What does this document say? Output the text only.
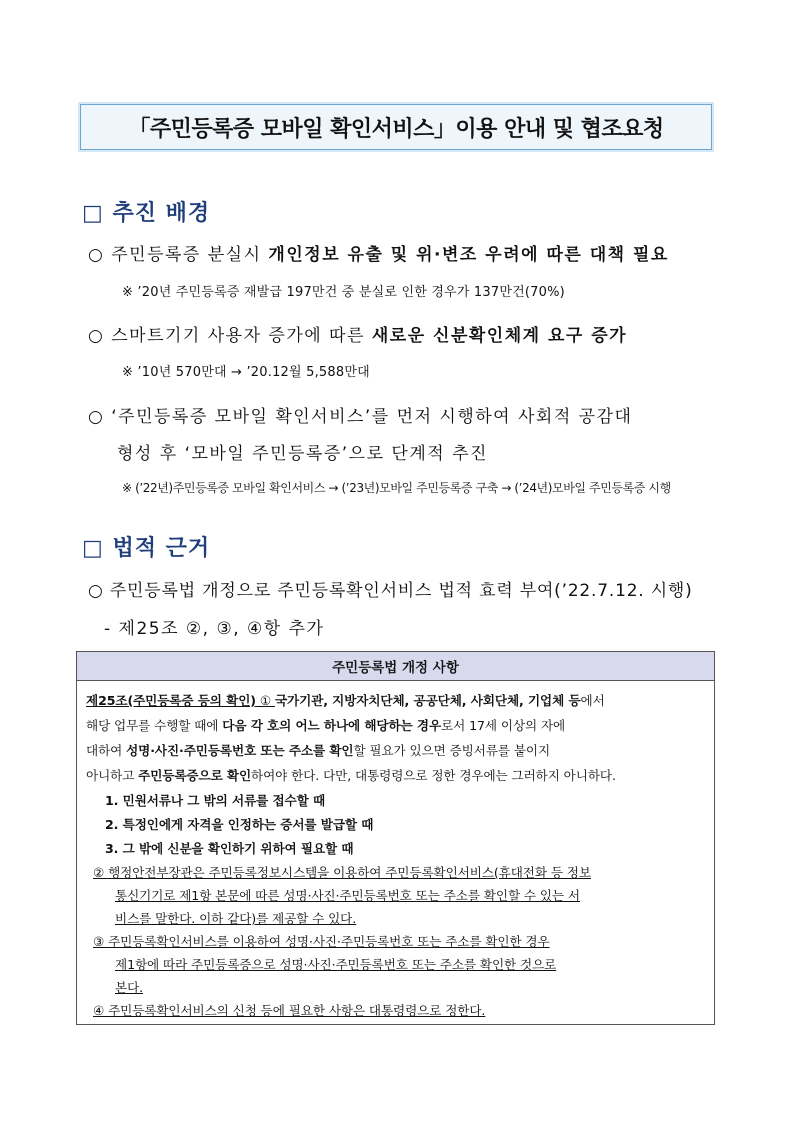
「주민등록증 모바일 확인서비스」이용 안내 및 협조요청
□ 추진 배경
○ 주민등록증 분실시 개인정보 유출 및 위·변조 우려에 따른 대책 필요
※ ’20년 주민등록증 재발급 197만건 중 분실로 인한 경우가 137만건(70%)
○ 스마트기기 사용자 증가에 따른 새로운 신분확인체계 요구 증가
※ ’10년 570만대 → ’20.12월 5,588만대
○ ‘주민등록증 모바일 확인서비스’를 먼저 시행하여 사회적 공감대
형성 후 ‘모바일 주민등록증’으로 단계적 추진
※ (’22년)주민등록증 모바일 확인서비스 → (’23년)모바일 주민등록증 구축 → (’24년)모바일 주민등록증 시행
□ 법적 근거
○ 주민등록법 개정으로 주민등록확인서비스 법적 효력 부여(’22.7.12. 시행)
- 제25조 ②, ③, ④항 추가
주민등록법 개정 사항
제25조(주민등록증 등의 확인) ① 국가기관, 지방자치단체, 공공단체, 사회단체, 기업체 등에서
해당 업무를 수행할 때에 다음 각 호의 어느 하나에 해당하는 경우로서 17세 이상의 자에
대하여 성명·사진·주민등록번호 또는 주소를 확인할 필요가 있으면 증빙서류를 붙이지
아니하고 주민등록증으로 확인하여야 한다. 다만, 대통령령으로 정한 경우에는 그러하지 아니하다.
1. 민원서류나 그 밖의 서류를 접수할 때
2. 특정인에게 자격을 인정하는 증서를 발급할 때
3. 그 밖에 신분을 확인하기 위하여 필요할 때
② 행정안전부장관은 주민등록정보시스템을 이용하여 주민등록확인서비스(휴대전화 등 정보
통신기기로 제1항 본문에 따른 성명·사진·주민등록번호 또는 주소를 확인할 수 있는 서
비스를 말한다. 이하 같다)를 제공할 수 있다.
③ 주민등록확인서비스를 이용하여 성명·사진·주민등록번호 또는 주소를 확인한 경우
제1항에 따라 주민등록증으로 성명·사진·주민등록번호 또는 주소를 확인한 것으로
본다.
④ 주민등록확인서비스의 신청 등에 필요한 사항은 대통령령으로 정한다.
